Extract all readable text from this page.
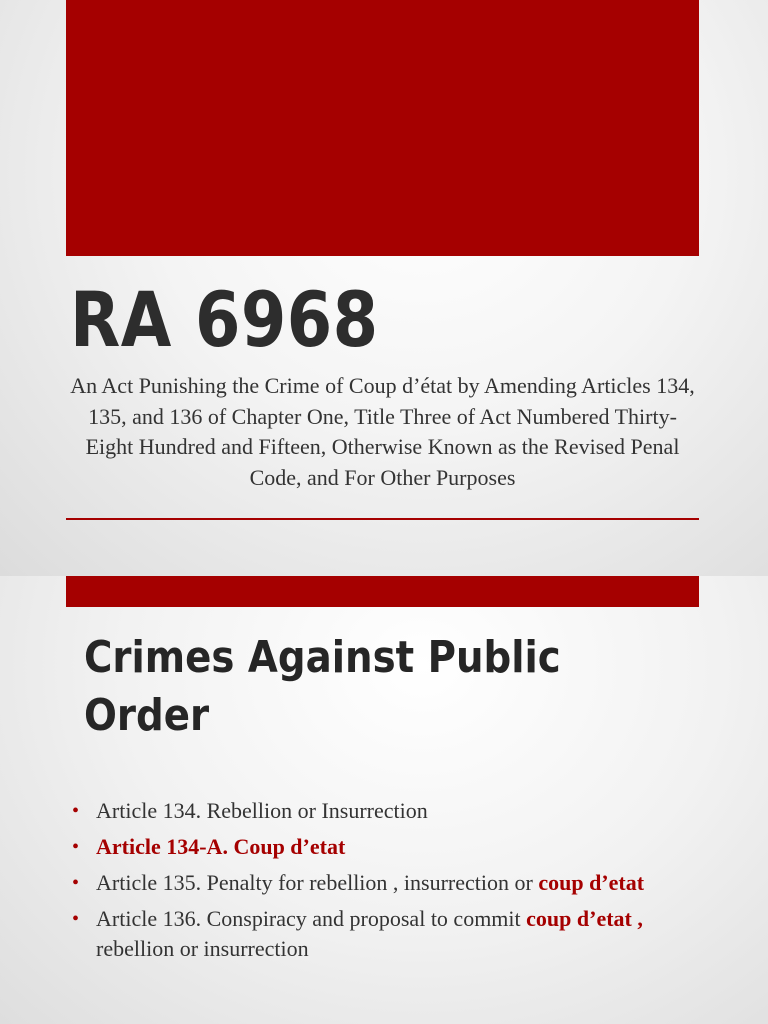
RA 6968

An Act Punishing the Crime of Coup d’état by Amending Articles 134, 135, and 136 of Chapter One, Title Three of Act Numbered Thirty-Eight Hundred and Fifteen, Otherwise Known as the Revised Penal Code, and For Other Purposes

Crimes Against Public Order
• Article 134. Rebellion or Insurrection
• Article 134-A. Coup d’etat
• Article 135. Penalty for rebellion , insurrection or coup d’etat
• Article 136. Conspiracy and proposal to commit coup d’etat , rebellion or insurrection
